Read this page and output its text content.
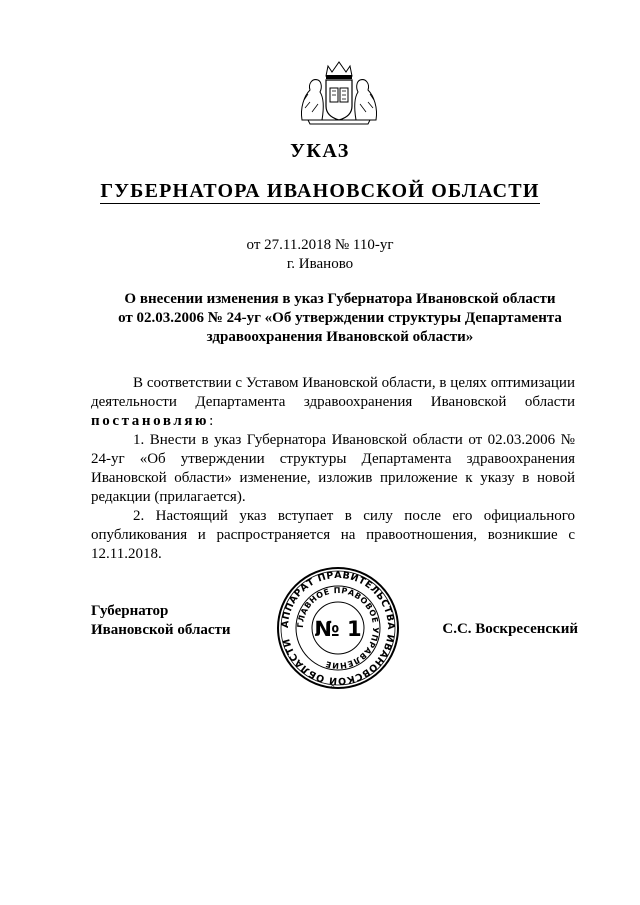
УКАЗ
ГУБЕРНАТОРА ИВАНОВСКОЙ ОБЛАСТИ
от 27.11.2018 № 110-уг
г. Иваново
О внесении изменения в указ Губернатора Ивановской области
от 02.03.2006 № 24-уг «Об утверждении структуры Департамента
здравоохранения Ивановской области»

В соответствии с Уставом Ивановской области, в целях оптимизации деятельности Департамента здравоохранения Ивановской области постановляю:

1. Внести в указ Губернатора Ивановской области от 02.03.2006 № 24-уг «Об утверждении структуры Департамента здравоохранения Ивановской области» изменение, изложив приложение к указу в новой редакции (прилагается).

2. Настоящий указ вступает в силу после его официального опубликования и распространяется на правоотношения, возникшие с 12.11.2018.

Губернатор
Ивановской области	АППАРАТ ПРАВИТЕЛЬСТВА ИВАНОВСКОЙ ОБЛАСТИ
ГЛАВНОЕ ПРАВОВОЕ УПРАВЛЕНИЕ
№ 1	С.С. Воскресенский
